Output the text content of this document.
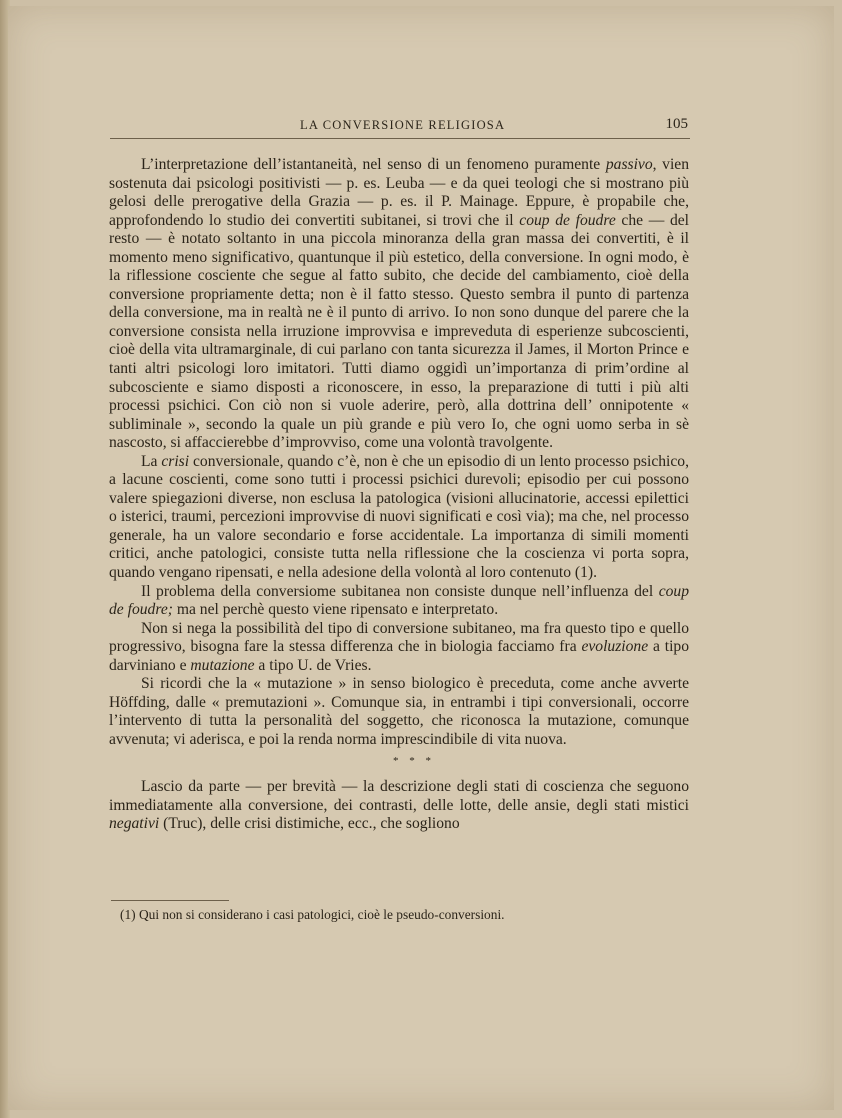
LA CONVERSIONE RELIGIOSA	105

L’interpretazione dell’istantaneità, nel senso di un fenomeno puramente passivo, vien sostenuta dai psicologi positivisti — p. es. Leuba — e da quei teologi che si mostrano più gelosi delle prerogative della Grazia — p. es. il P. Mainage. Eppure, è propabile che, approfondendo lo studio dei convertiti subitanei, si trovi che il coup de foudre che — del resto — è notato soltanto in una piccola minoranza della gran massa dei convertiti, è il momento meno significativo, quantunque il più estetico, della conversione. In ogni modo, è la riflessione cosciente che segue al fatto subito, che decide del cambiamento, cioè della conversione propriamente detta; non è il fatto stesso. Questo sembra il punto di partenza della conversione, ma in realtà ne è il punto di arrivo. Io non sono dunque del parere che la conversione consista nella irruzione improvvisa e impreveduta di esperienze subcoscienti, cioè della vita ultramarginale, di cui parlano con tanta sicurezza il James, il Morton Prince e tanti altri psicologi loro imitatori. Tutti diamo oggidì un’importanza di prim’ordine al subcosciente e siamo disposti a riconoscere, in esso, la preparazione di tutti i più alti processi psichici. Con ciò non si vuole aderire, però, alla dottrina dell’ onnipotente « subliminale », secondo la quale un più grande e più vero Io, che ogni uomo serba in sè nascosto, si affaccierebbe d’improvviso, come una volontà travolgente.

La crisi conversionale, quando c’è, non è che un episodio di un lento processo psichico, a lacune coscienti, come sono tutti i processi psichici durevoli; episodio per cui possono valere spiegazioni diverse, non esclusa la patologica (visioni allucinatorie, accessi epilettici o isterici, traumi, percezioni improvvise di nuovi significati e così via); ma che, nel processo generale, ha un valore secondario e forse accidentale. La importanza di simili momenti critici, anche patologici, consiste tutta nella riflessione che la coscienza vi porta sopra, quando vengano ripensati, e nella adesione della volontà al loro contenuto (1).

Il problema della conversiome subitanea non consiste dunque nell’influenza del coup de foudre; ma nel perchè questo viene ripensato e interpretato.

Non si nega la possibilità del tipo di conversione subitaneo, ma fra questo tipo e quello progressivo, bisogna fare la stessa differenza che in biologia facciamo fra evoluzione a tipo darviniano e mutazione a tipo U. de Vries.

Si ricordi che la « mutazione » in senso biologico è preceduta, come anche avverte Höffding, dalle « premutazioni ». Comunque sia, in entrambi i tipi conversionali, occorre l’intervento di tutta la personalità del soggetto, che riconosca la mutazione, comunque avvenuta; vi aderisca, e poi la renda norma imprescindibile di vita nuova.

* * *

Lascio da parte — per brevità — la descrizione degli stati di coscienza che seguono immediatamente alla conversione, dei contrasti, delle lotte, delle ansie, degli stati mistici negativi (Truc), delle crisi distimiche, ecc., che sogliono

(1) Qui non si considerano i casi patologici, cioè le pseudo-conversioni.
